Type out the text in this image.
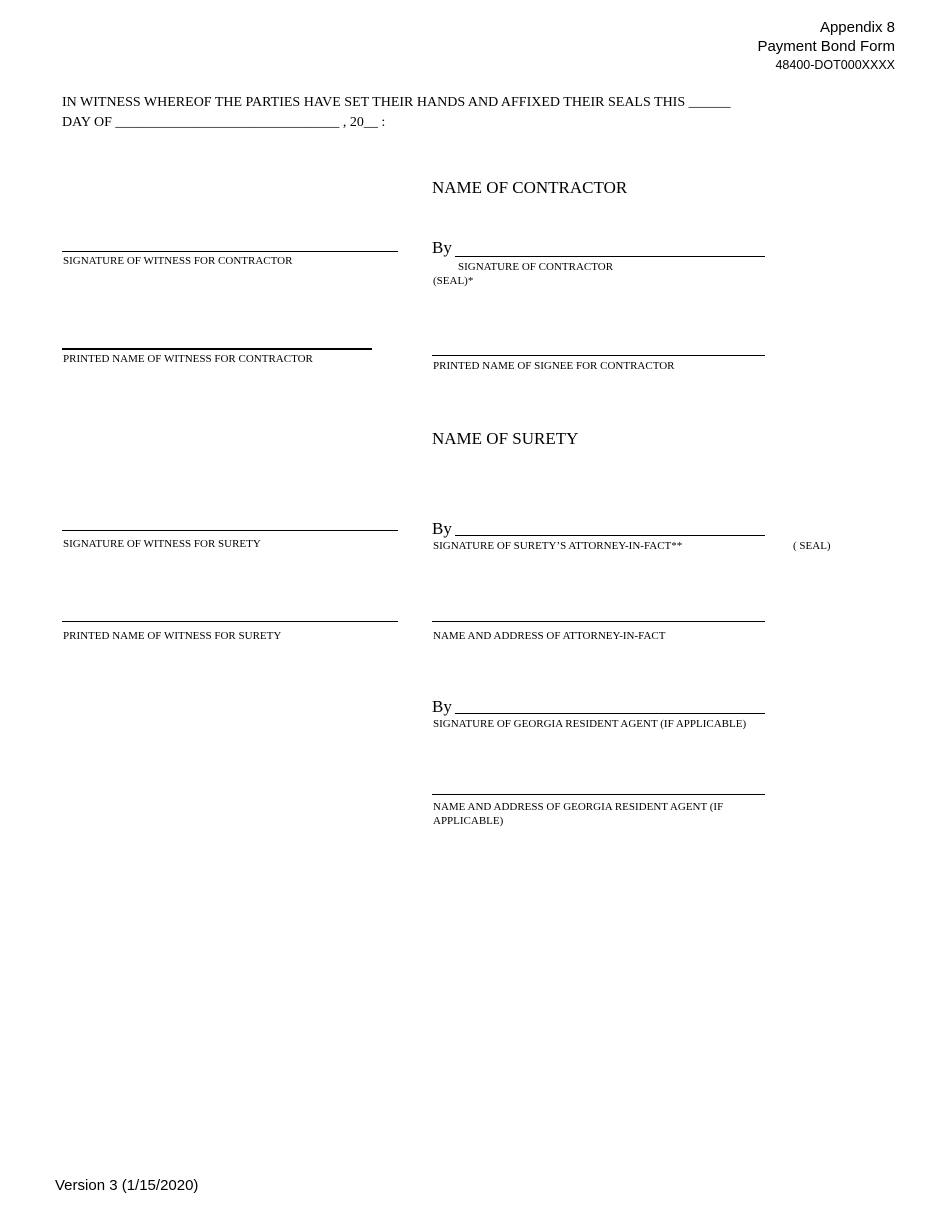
Appendix 8
Payment Bond Form
48400-DOT000XXXX
IN WITNESS WHEREOF THE PARTIES HAVE SET THEIR HANDS AND AFFIXED THEIR SEALS THIS ______
DAY OF ________________________________ , 20__ :
NAME OF CONTRACTOR
SIGNATURE OF WITNESS FOR CONTRACTOR
By
SIGNATURE OF CONTRACTOR
(SEAL)*
PRINTED NAME OF WITNESS FOR CONTRACTOR
PRINTED NAME OF SIGNEE FOR CONTRACTOR
NAME OF SURETY
SIGNATURE OF WITNESS FOR SURETY
By
SIGNATURE OF SURETY’S ATTORNEY-IN-FACT**	( SEAL)
PRINTED NAME OF WITNESS FOR SURETY	NAME AND ADDRESS OF ATTORNEY-IN-FACT
By
SIGNATURE OF GEORGIA RESIDENT AGENT (IF APPLICABLE)
NAME AND ADDRESS OF GEORGIA RESIDENT AGENT (IF APPLICABLE)
Version 3 (1/15/2020)
